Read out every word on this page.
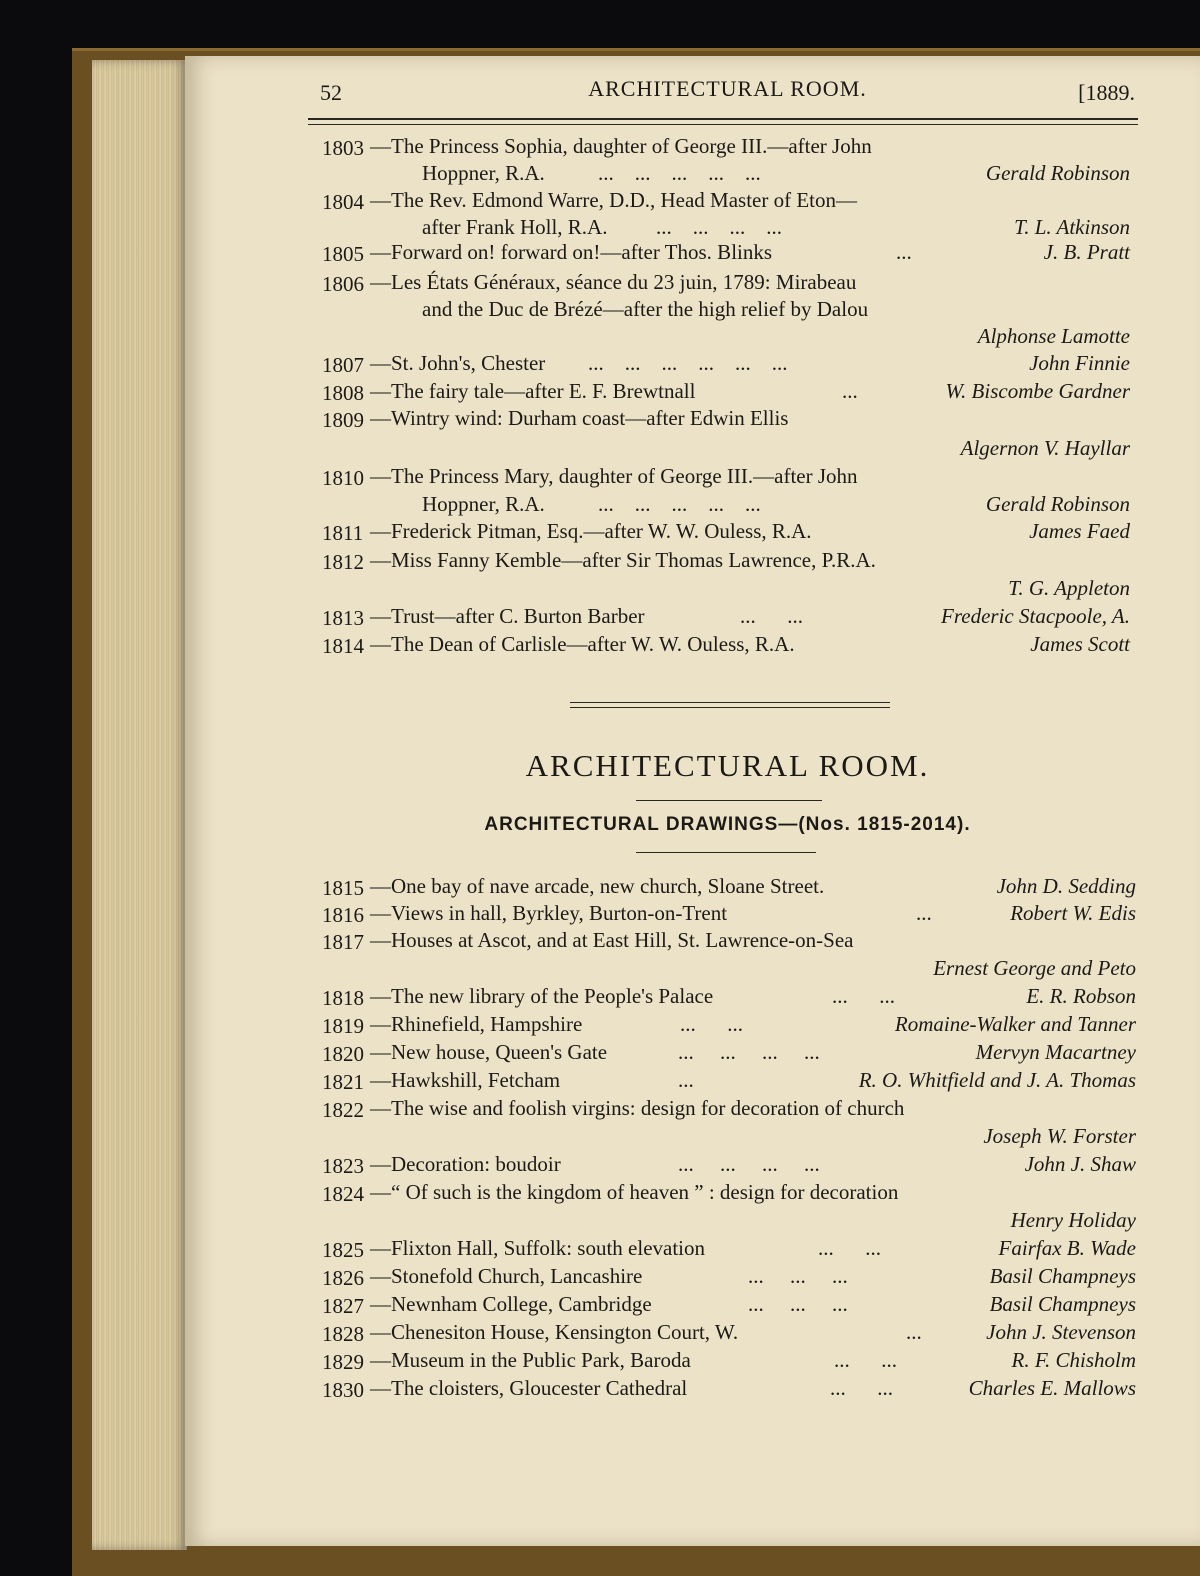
52	ARCHITECTURAL ROOM.	[1889.
1803 —The Princess Sophia, daughter of George III.—after John
Hoppner, R.A.	...    ...    ...    ...    ...	Gerald Robinson
1804 —The Rev. Edmond Warre, D.D., Head Master of Eton—
after Frank Holl, R.A. ...    ...    ...    ...	T. L. Atkinson
1805 —Forward on! forward on!—after Thos. Blinks	...	J. B. Pratt
1806 —Les États Généraux, séance du 23 juin, 1789: Mirabeau
and the Duc de Brézé—after the high relief by Dalou
Alphonse Lamotte
1807 —St. John's, Chester ...    ...    ...    ...    ...    ...	John Finnie
1808 —The fairy tale—after E. F. Brewtnall	...	W. Biscombe Gardner
1809 —Wintry wind: Durham coast—after Edwin Ellis
Algernon V. Hayllar
1810 —The Princess Mary, daughter of George III.—after John
Hoppner, R.A.	...    ...    ...    ...    ...	Gerald Robinson
1811 —Frederick Pitman, Esq.—after W. W. Ouless, R.A.	James Faed
1812 —Miss Fanny Kemble—after Sir Thomas Lawrence, P.R.A.
T. G. Appleton
1813 —Trust—after C. Burton Barber	...      ...	Frederic Stacpoole, A.
1814 —The Dean of Carlisle—after W. W. Ouless, R.A.	James Scott
ARCHITECTURAL ROOM.
ARCHITECTURAL DRAWINGS—(Nos. 1815-2014).
1815 —One bay of nave arcade, new church, Sloane Street.	John D. Sedding
1816 —Views in hall, Byrkley, Burton-on-Trent	...	Robert W. Edis
1817 —Houses at Ascot, and at East Hill, St. Lawrence-on-Sea
Ernest George and Peto
1818 —The new library of the People's Palace	...      ...	E. R. Robson
1819 —Rhinefield, Hampshire	...      ...	Romaine-Walker and Tanner
1820 —New house, Queen's Gate	...     ...     ...     ...	Mervyn Macartney
1821 —Hawkshill, Fetcham	...	R. O. Whitfield and J. A. Thomas
1822 —The wise and foolish virgins: design for decoration of church
Joseph W. Forster
1823 —Decoration: boudoir	...     ...     ...     ...	John J. Shaw
1824 —“ Of such is the kingdom of heaven ” : design for decoration
Henry Holiday
1825 —Flixton Hall, Suffolk: south elevation	...      ...	Fairfax B. Wade
1826 —Stonefold Church, Lancashire	...     ...     ...	Basil Champneys
1827 —Newnham College, Cambridge	...     ...     ...	Basil Champneys
1828 —Chenesiton House, Kensington Court, W.	...	John J. Stevenson
1829 —Museum in the Public Park, Baroda	...      ...	R. F. Chisholm
1830 —The cloisters, Gloucester Cathedral	...      ...	Charles E. Mallows
